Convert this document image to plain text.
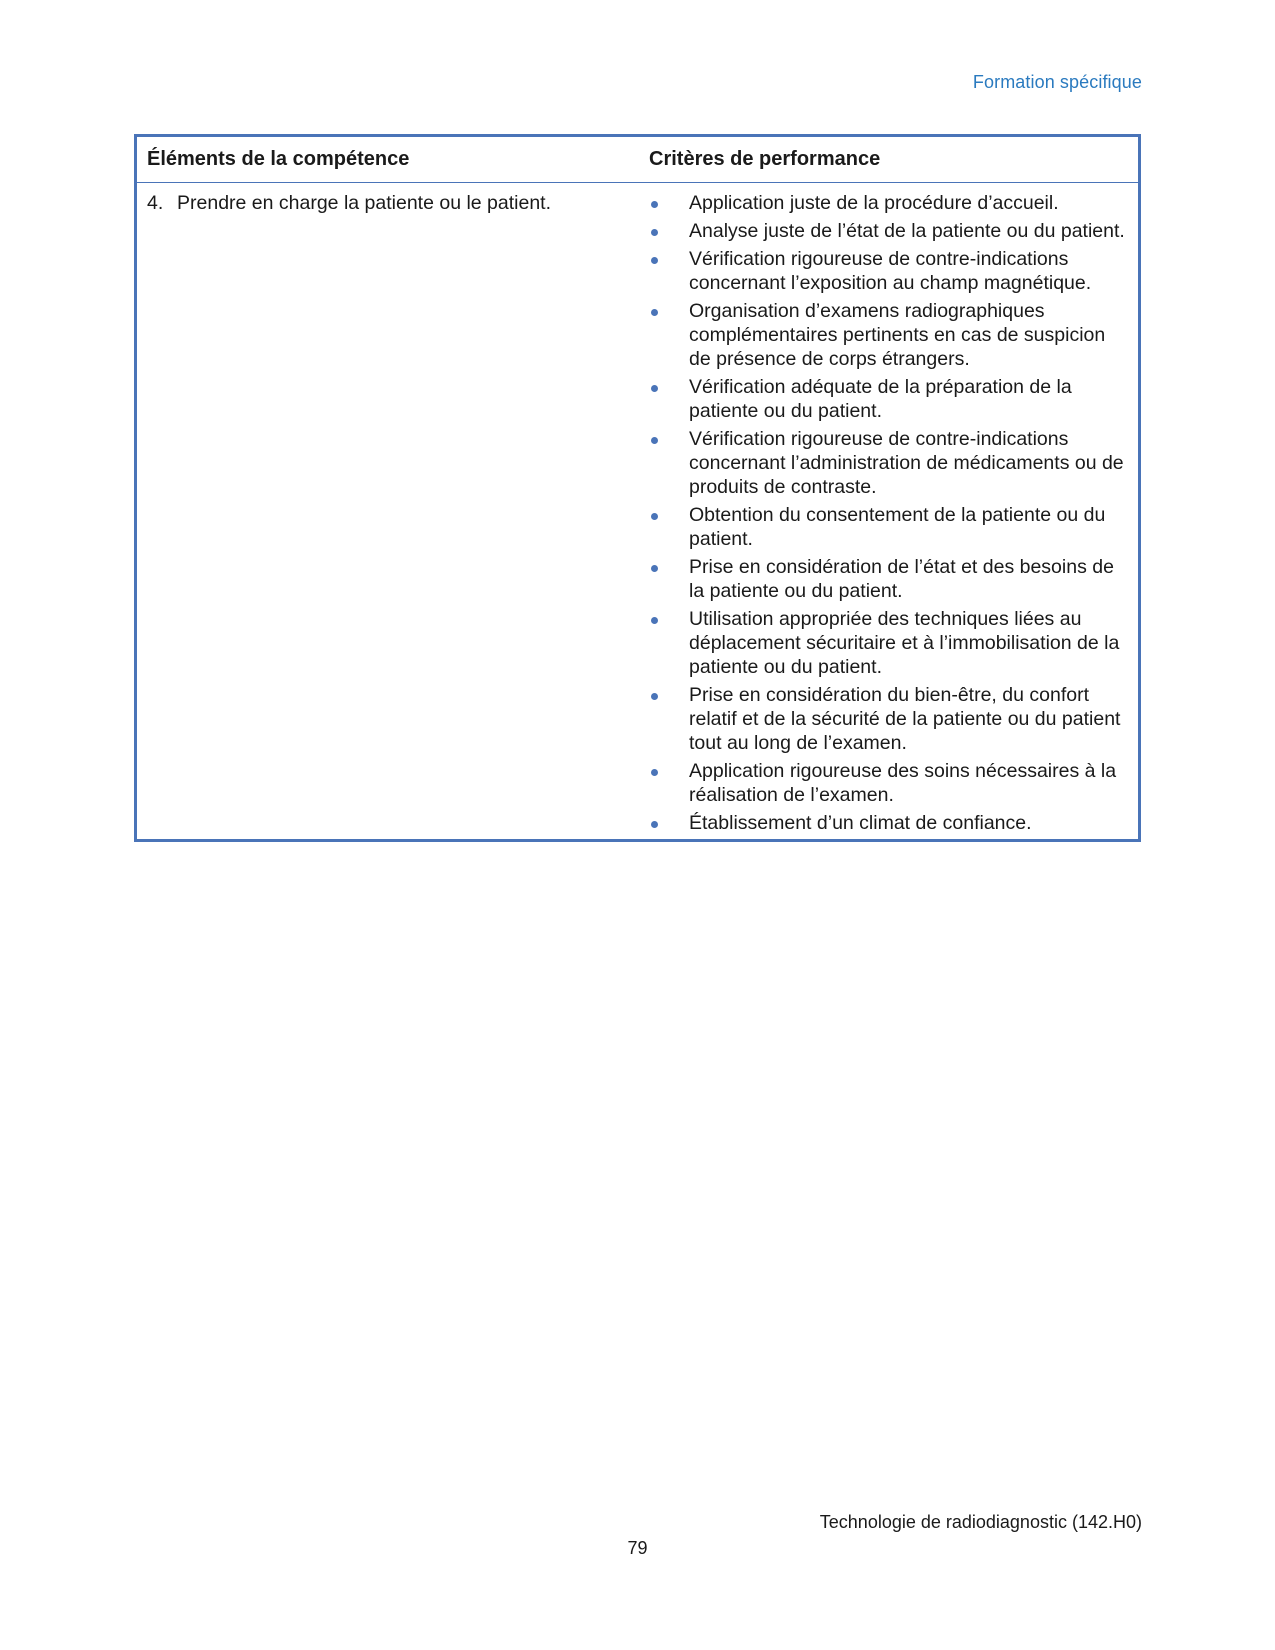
Formation spécifique
Éléments de la compétence	Critères de performance
4. Prendre en charge la patiente ou le patient.	Application juste de la procédure d’accueil.
Analyse juste de l’état de la patiente ou du patient.
Vérification rigoureuse de contre-indications concernant l’exposition au champ magnétique.
Organisation d’examens radiographiques complémentaires pertinents en cas de suspicion de présence de corps étrangers.
Vérification adéquate de la préparation de la patiente ou du patient.
Vérification rigoureuse de contre-indications concernant l’administration de médicaments ou de produits de contraste.
Obtention du consentement de la patiente ou du patient.
Prise en considération de l’état et des besoins de la patiente ou du patient.
Utilisation appropriée des techniques liées au déplacement sécuritaire et à l’immobilisation de la patiente ou du patient.
Prise en considération du bien-être, du confort relatif et de la sécurité de la patiente ou du patient tout au long de l’examen.
Application rigoureuse des soins nécessaires à la réalisation de l’examen.
Établissement d’un climat de confiance.
Technologie de radiodiagnostic (142.H0)
79
